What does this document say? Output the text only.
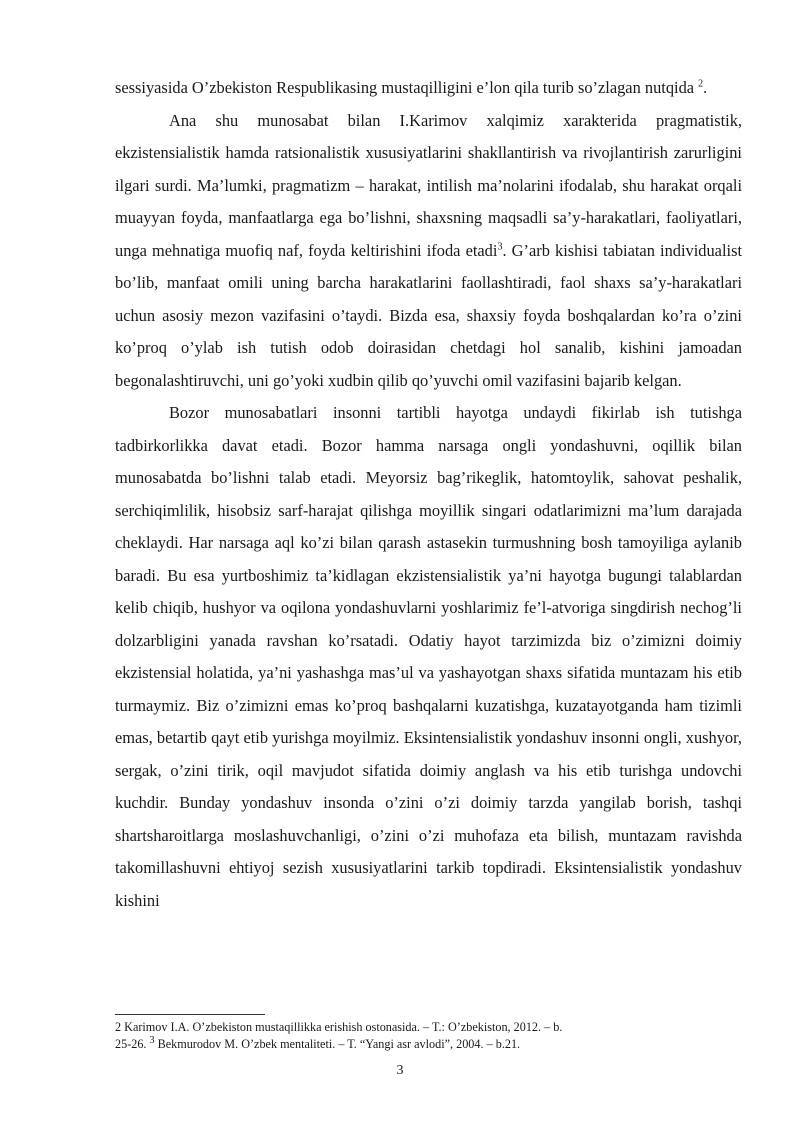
sessiyasida O’zbekiston Respublikasing mustaqilligini e’lon qila turib so’zlagan nutqida $^2$.

Ana shu munosabat bilan I.Karimov xalqimiz xarakterida pragmatistik, ekzistensialistik hamda ratsionalistik xususiyatlarini shakllantirish va rivojlantirish zarurligini ilgari surdi. Ma’lumki, pragmatizm – harakat, intilish ma’nolarini ifodalab, shu harakat orqali muayyan foyda, manfaatlarga ega bo’lishni, shaxsning maqsadli sa’y-harakatlari, faoliyatlari, unga mehnatiga muofiq naf, foyda keltirishini ifoda etadi$^3$. G’arb kishisi tabiatan individualist bo’lib, manfaat omili uning barcha harakatlarini faollashtiradi, faol shaxs sa’y-harakatlari uchun asosiy mezon vazifasini o’taydi. Bizda esa, shaxsiy foyda boshqalardan ko’ra o’zini ko’proq o’ylab ish tutish odob doirasidan chetdagi hol sanalib, kishini jamoadan begonalashtiruvchi, uni go’yoki xudbin qilib qo’yuvchi omil vazifasini bajarib kelgan.

Bozor munosabatlari insonni tartibli hayotga undaydi fikirlab ish tutishga tadbirkorlikka davat etadi. Bozor hamma narsaga ongli yondashuvni, oqillik bilan munosabatda bo’lishni talab etadi. Meyorsiz bag’rikeglik, hatomtoylik, sahovat peshalik, serchiqimlilik, hisobsiz sarf-harajat qilishga moyillik singari odatlarimizni ma’lum darajada cheklaydi. Har narsaga aql ko’zi bilan qarash astasekin turmushning bosh tamoyiliga aylanib baradi. Bu esa yurtboshimiz ta’kidlagan ekzistensialistik ya’ni hayotga bugungi talablardan kelib chiqib, hushyor va oqilona yondashuvlarni yoshlarimiz fe’l-atvoriga singdirish nechog’li dolzarbligini yanada ravshan ko’rsatadi. Odatiy hayot tarzimizda biz o’zimizni doimiy ekzistensial holatida, ya’ni yashashga mas’ul va yashayotgan shaxs sifatida muntazam his etib turmaymiz. Biz o’zimizni emas ko’proq bashqalarni kuzatishga, kuzatayotganda ham tizimli emas, betartib qayt etib yurishga moyilmiz. Eksintensialistik yondashuv insonni ongli, xushyor, sergak, o’zini tirik, oqil mavjudot sifatida doimiy anglash va his etib turishga undovchi kuchdir. Bunday yondashuv insonda o’zini o’zi doimiy tarzda yangilab borish, tashqi shartsharoitlarga moslashuvchanligi, o’zini o’zi muhofaza eta bilish, muntazam ravishda takomillashuvni ehtiyoj sezish xususiyatlarini tarkib topdiradi. Eksintensialistik yondashuv kishini

2 Karimov I.A. O’zbekiston mustaqillikka erishish ostonasida. – T.: O’zbekiston, 2012. – b.

25-26. $^3$ Bekmurodov M. O’zbek mentaliteti. – T. “Yangi asr avlodi”, 2004. – b.21.

3
